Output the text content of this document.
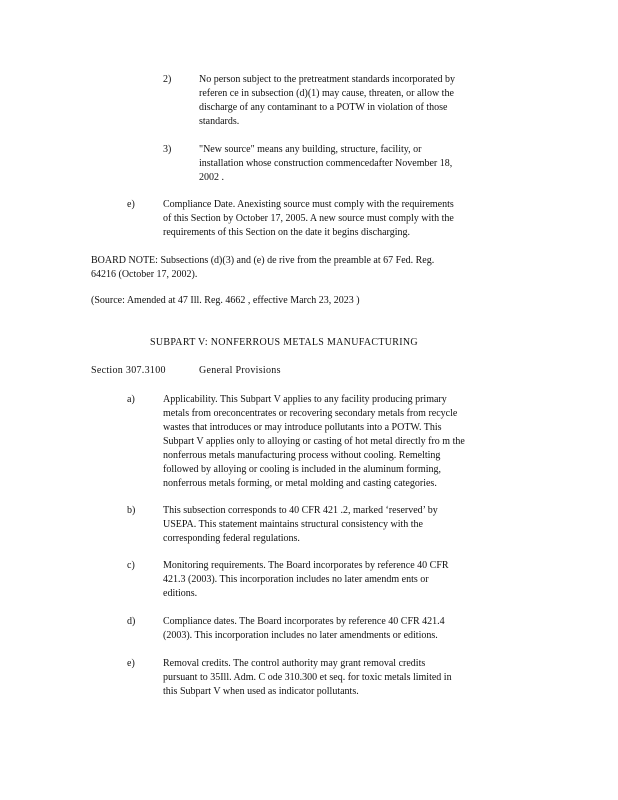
2)	No person subject to the pretreatment standards incorporated by
referen ce in subsection (d)(1) may cause, threaten, or allow the
discharge of any contaminant to a POTW in violation of those
standards.
3)	"New source" means any building, structure, facility, or
installation whose construction commencedafter November 18,
2002 .
e)	Compliance Date. Anexisting source must comply with the requirements
of this Section by October 17, 2005. A new source must comply with the
requirements of this Section on the date it begins discharging.
BOARD NOTE: Subsections (d)(3) and (e) de rive from the preamble at 67 Fed. Reg.
64216 (October 17, 2002).
(Source: Amended at 47 Ill. Reg. 4662 , effective March 23, 2023 )
SUBPART V: NONFERROUS METALS MANUFACTURING
Section 307.3100	General Provisions
a)	Applicability. This Subpart V applies to any facility producing primary
metals from oreconcentrates or recovering secondary metals from recycle
wastes that introduces or may introduce pollutants into a POTW. This
Subpart V applies only to alloying or casting of hot metal directly fro m the
nonferrous metals manufacturing process without cooling. Remelting
followed by alloying or cooling is included in the aluminum forming,
nonferrous metals forming, or metal molding and casting categories.
b)	This subsection corresponds to 40 CFR 421 .2, marked ‘reserved’ by
USEPA. This statement maintains structural consistency with the
corresponding federal regulations.
c)	Monitoring requirements. The Board incorporates by reference 40 CFR
421.3 (2003). This incorporation includes no later amendm ents or
editions.
d)	Compliance dates. The Board incorporates by reference 40 CFR 421.4
(2003). This incorporation includes no later amendments or editions.
e)	Removal credits. The control authority may grant removal credits
pursuant to 35Ill. Adm. C ode 310.300 et seq. for toxic metals limited in
this Subpart V when used as indicator pollutants.
